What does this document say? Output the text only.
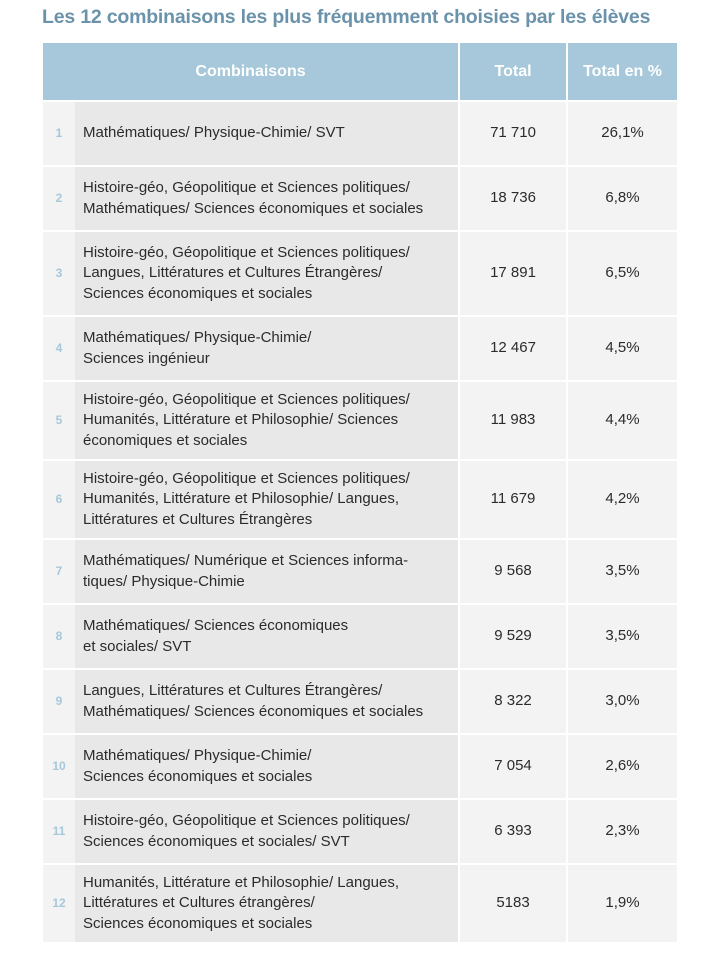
Les 12 combinaisons les plus fréquemment choisies par les élèves
Combinaisons		Total	Total en %
1	Mathématiques/ Physique-Chimie/ SVT	71 710	26,1%
2	Histoire-géo, Géopolitique et Sciences politiques/
Mathématiques/ Sciences économiques et sociales	18 736	6,8%
3	Histoire-géo, Géopolitique et Sciences politiques/
Langues, Littératures et Cultures Étrangères/
Sciences économiques et sociales	17 891	6,5%
4	Mathématiques/ Physique-Chimie/
Sciences ingénieur	12 467	4,5%
5	Histoire-géo, Géopolitique et Sciences politiques/
Humanités, Littérature et Philosophie/ Sciences
économiques et sociales	11 983	4,4%
6	Histoire-géo, Géopolitique et Sciences politiques/
Humanités, Littérature et Philosophie/ Langues,
Littératures et Cultures Étrangères	11 679	4,2%
7	Mathématiques/ Numérique et Sciences informa-
tiques/ Physique-Chimie	9 568	3,5%
8	Mathématiques/ Sciences économiques
et sociales/ SVT	9 529	3,5%
9	Langues, Littératures et Cultures Étrangères/
Mathématiques/ Sciences économiques et sociales	8 322	3,0%
10	Mathématiques/ Physique-Chimie/
Sciences économiques et sociales	7 054	2,6%
11	Histoire-géo, Géopolitique et Sciences politiques/
Sciences économiques et sociales/ SVT	6 393	2,3%
12	Humanités, Littérature et Philosophie/ Langues,
Littératures et Cultures étrangères/
Sciences économiques et sociales	5183	1,9%
